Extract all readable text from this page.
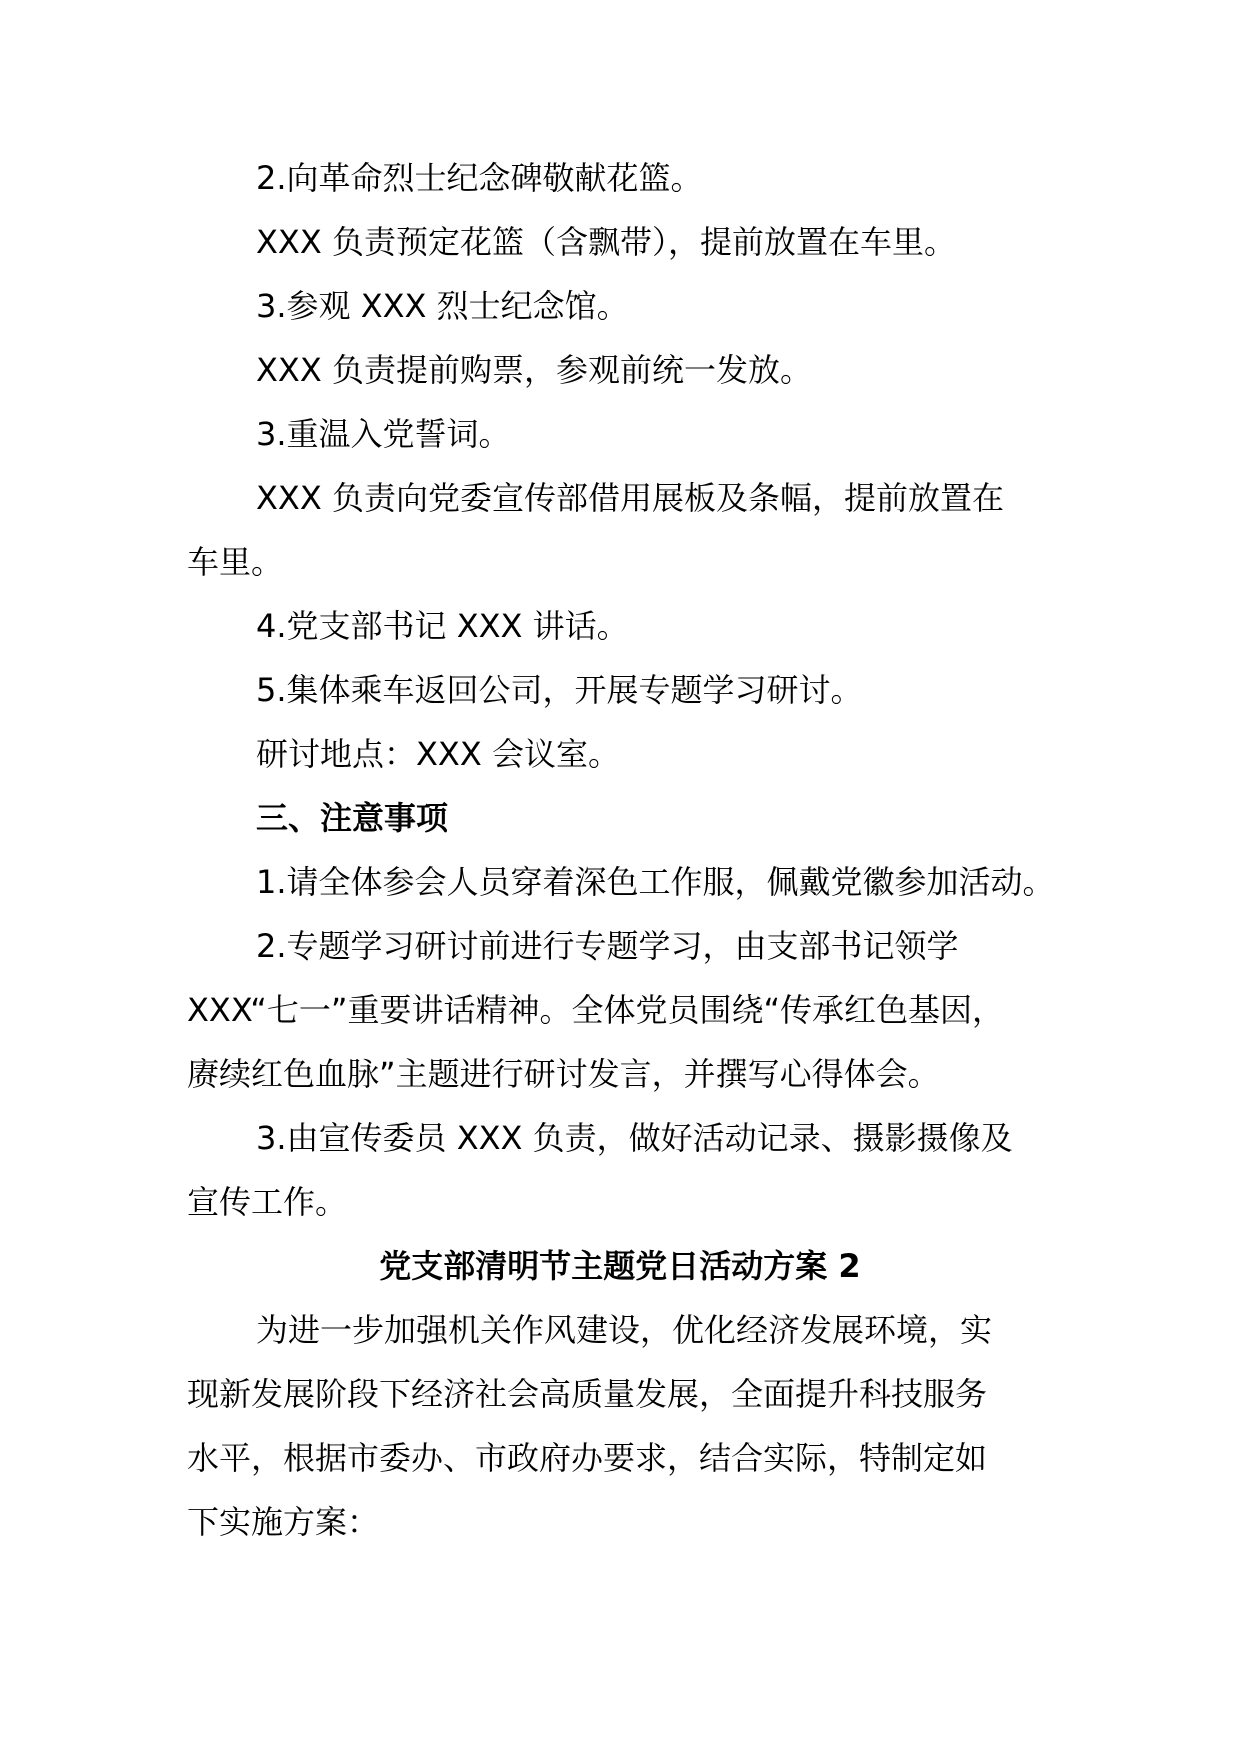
2.向革命烈士纪念碑敬献花篮。
XXX 负责预定花篮（含飘带），提前放置在车里。
3.参观 XXX 烈士纪念馆。
XXX 负责提前购票，参观前统一发放。
3.重温入党誓词。
XXX 负责向党委宣传部借用展板及条幅，提前放置在
车里。
4.党支部书记 XXX 讲话。
5.集体乘车返回公司，开展专题学习研讨。
研讨地点：XXX 会议室。
三、注意事项
1.请全体参会人员穿着深色工作服，佩戴党徽参加活动。
2.专题学习研讨前进行专题学习，由支部书记领学
XXX“七一”重要讲话精神。全体党员围绕“传承红色基因，
赓续红色血脉”主题进行研讨发言，并撰写心得体会。
3.由宣传委员 XXX 负责，做好活动记录、摄影摄像及
宣传工作。
党支部清明节主题党日活动方案 2
为进一步加强机关作风建设，优化经济发展环境，实
现新发展阶段下经济社会高质量发展，全面提升科技服务
水平，根据市委办、市政府办要求，结合实际，特制定如
下实施方案：
